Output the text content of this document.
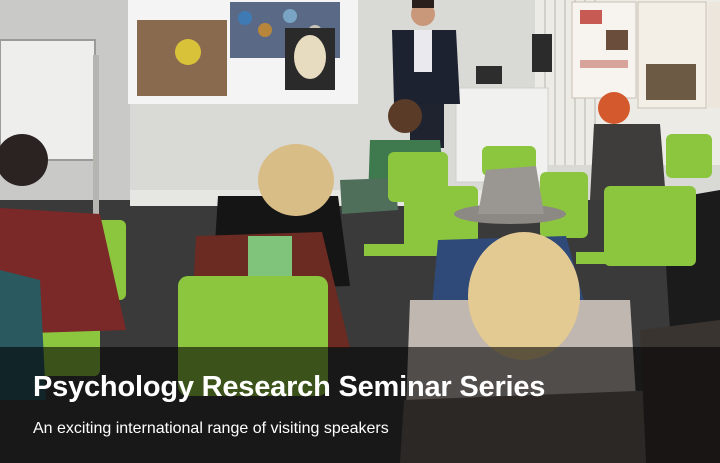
Psychology Research Seminar Series

An exciting international range of visiting speakers
